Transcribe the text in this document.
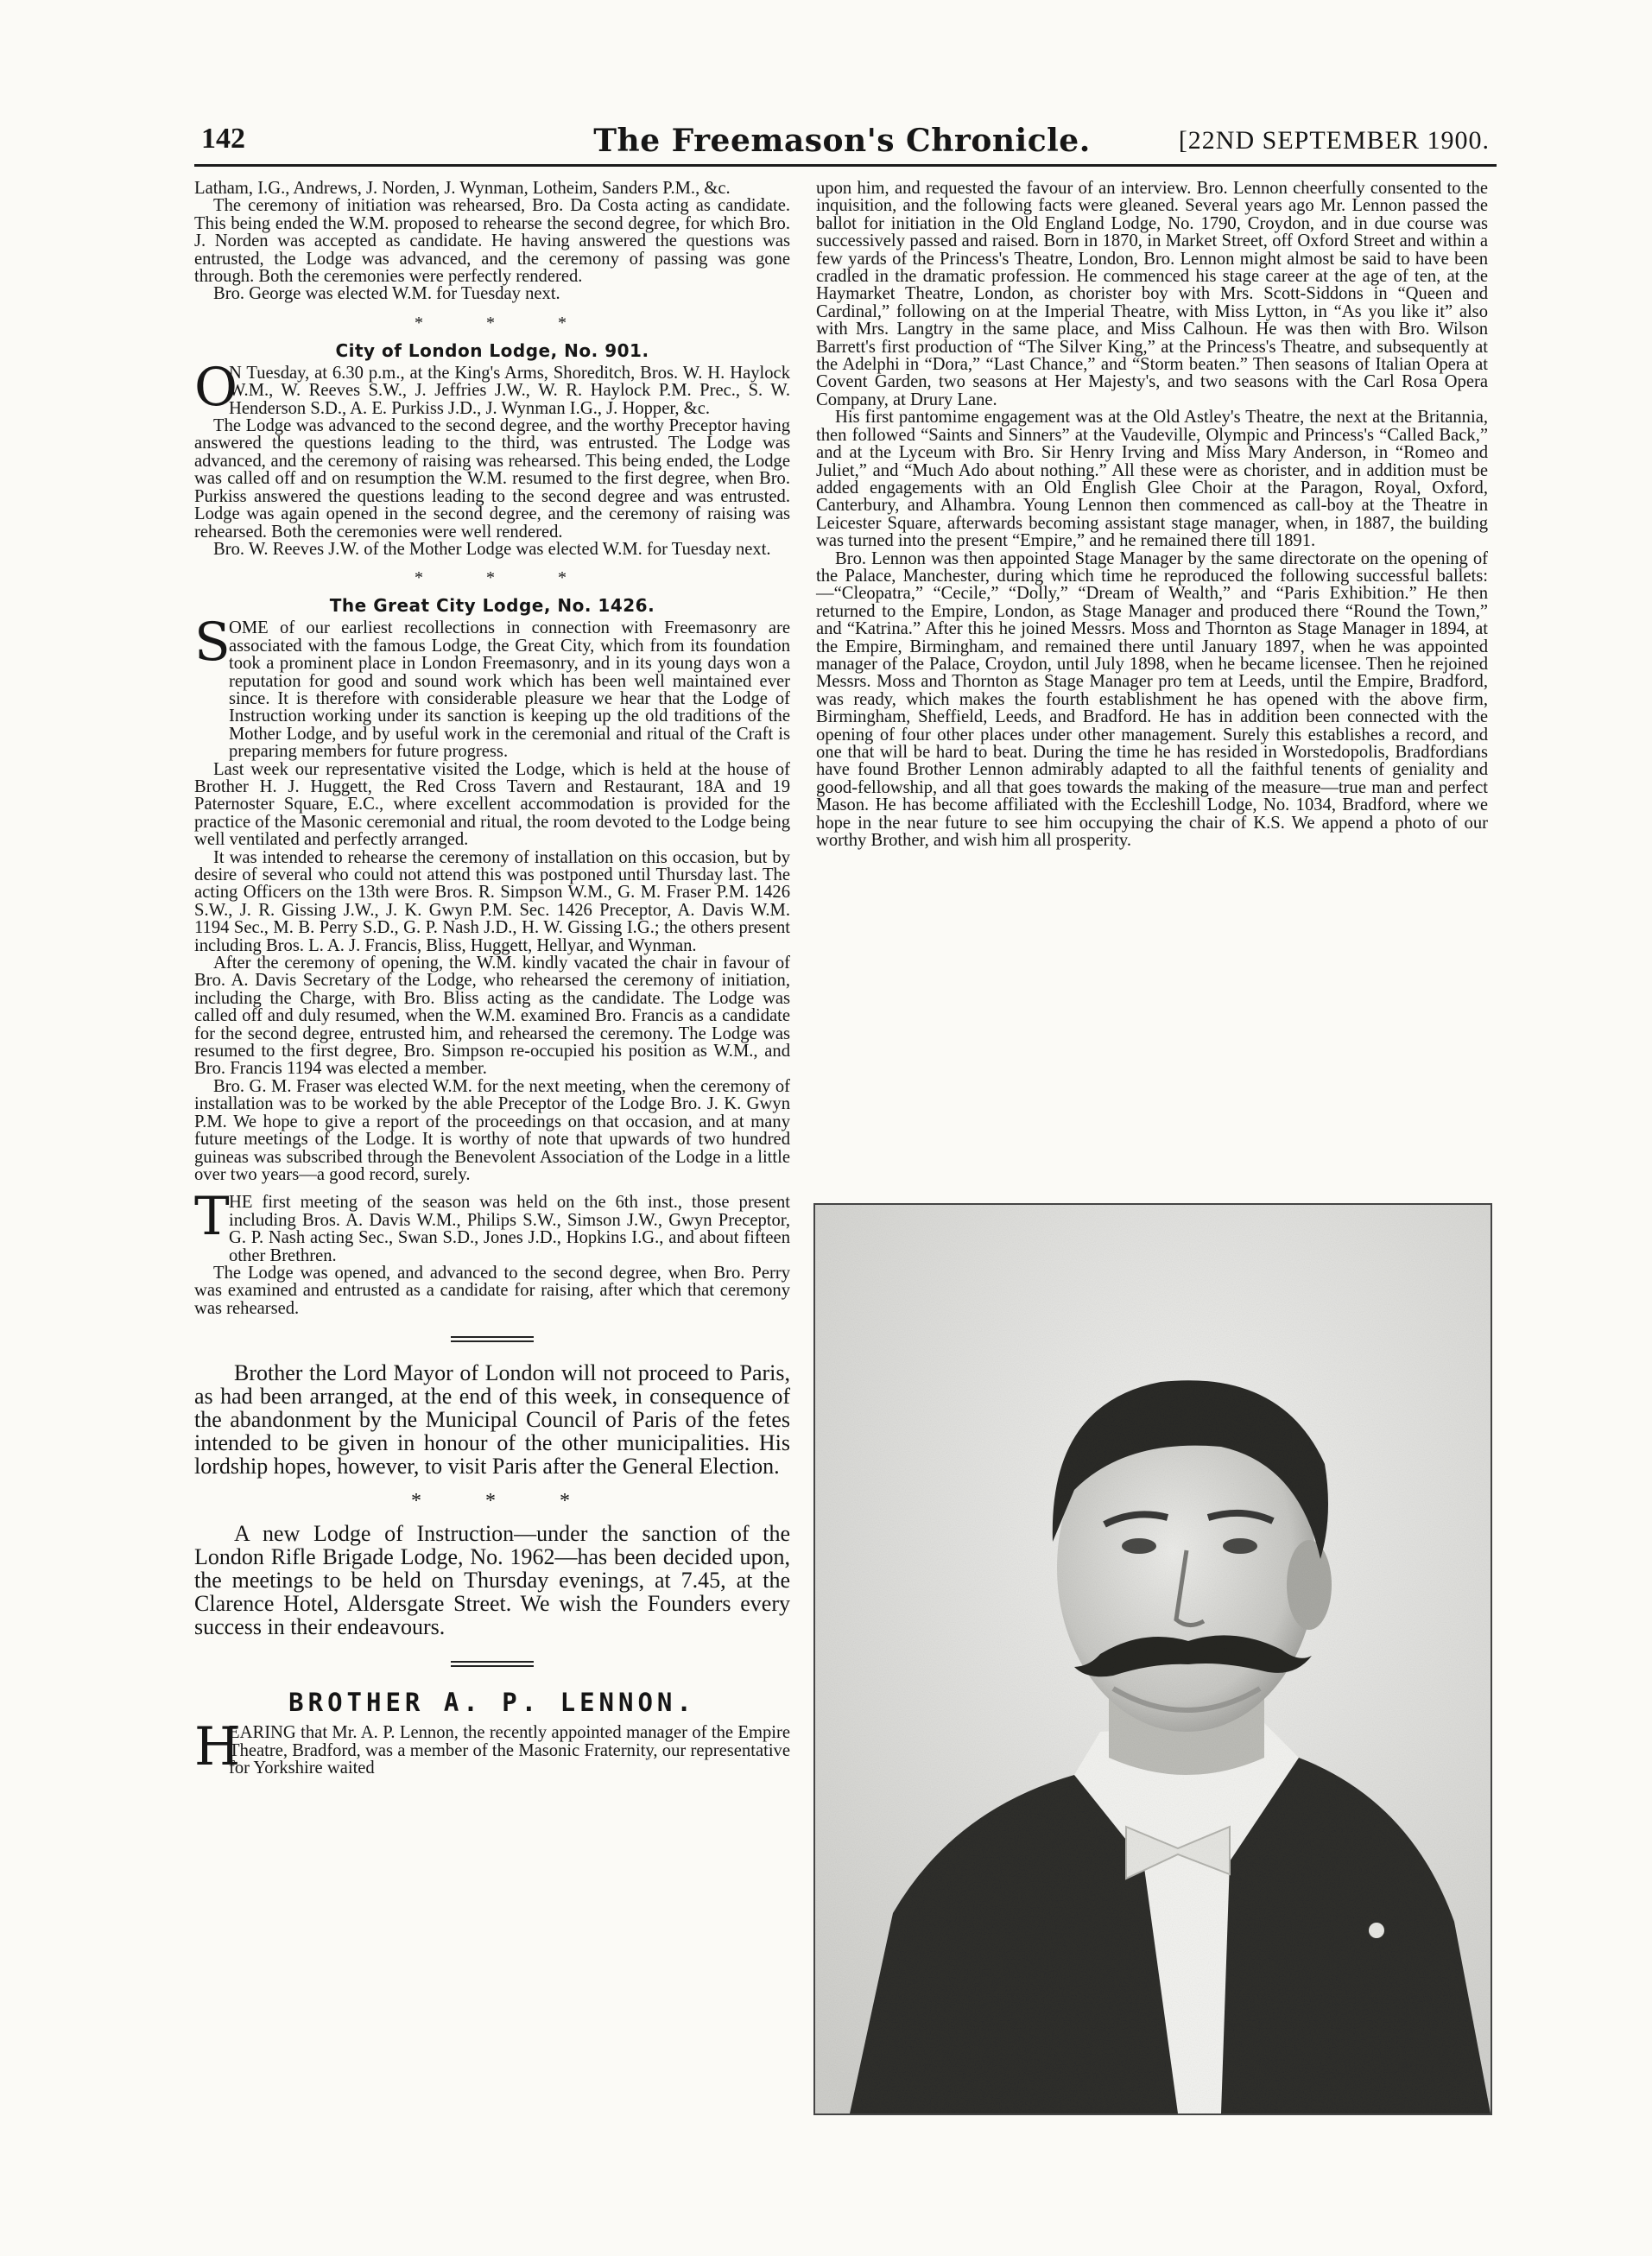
142	The Freemason's Chronicle.	[22ND SEPTEMBER 1900.

Latham, I.G., Andrews, J. Norden, J. Wynman, Lotheim, Sanders P.M., &c.

The ceremony of initiation was rehearsed, Bro. Da Costa acting as candidate. This being ended the W.M. proposed to rehearse the second degree, for which Bro. J. Norden was accepted as candidate. He having answered the questions was entrusted, the Lodge was advanced, and the ceremony of passing was gone through. Both the ceremonies were perfectly rendered.

Bro. George was elected W.M. for Tuesday next.

* * *
City of London Lodge, No. 901.
O

N Tuesday, at 6.30 p.m., at the King's Arms, Shoreditch, Bros. W. H. Haylock W.M., W. Reeves S.W., J. Jeffries J.W., W. R. Haylock P.M. Prec., S. W. Henderson S.D., A. E. Purkiss J.D., J. Wynman I.G., J. Hopper, &c.

The Lodge was advanced to the second degree, and the worthy Preceptor having answered the questions leading to the third, was entrusted. The Lodge was advanced, and the ceremony of raising was rehearsed. This being ended, the Lodge was called off and on resumption the W.M. resumed to the first degree, when Bro. Purkiss answered the questions leading to the second degree and was entrusted. Lodge was again opened in the second degree, and the ceremony of raising was rehearsed. Both the ceremonies were well rendered.

Bro. W. Reeves J.W. of the Mother Lodge was elected W.M. for Tuesday next.

* * *
The Great City Lodge, No. 1426.
S

OME of our earliest recollections in connection with Freemasonry are associated with the famous Lodge, the Great City, which from its foundation took a prominent place in London Freemasonry, and in its young days won a reputation for good and sound work which has been well maintained ever since. It is therefore with considerable pleasure we hear that the Lodge of Instruction working under its sanction is keeping up the old traditions of the Mother Lodge, and by useful work in the ceremonial and ritual of the Craft is preparing members for future progress.

Last week our representative visited the Lodge, which is held at the house of Brother H. J. Huggett, the Red Cross Tavern and Restaurant, 18A and 19 Paternoster Square, E.C., where excellent accommodation is provided for the practice of the Masonic ceremonial and ritual, the room devoted to the Lodge being well ventilated and perfectly arranged.

It was intended to rehearse the ceremony of installation on this occasion, but by desire of several who could not attend this was postponed until Thursday last. The acting Officers on the 13th were Bros. R. Simpson W.M., G. M. Fraser P.M. 1426 S.W., J. R. Gissing J.W., J. K. Gwyn P.M. Sec. 1426 Preceptor, A. Davis W.M. 1194 Sec., M. B. Perry S.D., G. P. Nash J.D., H. W. Gissing I.G.; the others present including Bros. L. A. J. Francis, Bliss, Huggett, Hellyar, and Wynman.

After the ceremony of opening, the W.M. kindly vacated the chair in favour of Bro. A. Davis Secretary of the Lodge, who rehearsed the ceremony of initiation, including the Charge, with Bro. Bliss acting as the candidate. The Lodge was called off and duly resumed, when the W.M. examined Bro. Francis as a candidate for the second degree, entrusted him, and rehearsed the ceremony. The Lodge was resumed to the first degree, Bro. Simpson re-occupied his position as W.M., and Bro. Francis 1194 was elected a member.

Bro. G. M. Fraser was elected W.M. for the next meeting, when the ceremony of installation was to be worked by the able Preceptor of the Lodge Bro. J. K. Gwyn P.M. We hope to give a report of the proceedings on that occasion, and at many future meetings of the Lodge. It is worthy of note that upwards of two hundred guineas was subscribed through the Benevolent Association of the Lodge in a little over two years—a good record, surely.

T HE first meeting of the season was held on the 6th inst., those present including Bros. A. Davis W.M., Philips S.W., Simson J.W., Gwyn Preceptor, G. P. Nash acting Sec., Swan S.D., Jones J.D., Hopkins I.G., and about fifteen other Brethren.

The Lodge was opened, and advanced to the second degree, when Bro. Perry was examined and entrusted as a candidate for raising, after which that ceremony was rehearsed.

Brother the Lord Mayor of London will not proceed to Paris, as had been arranged, at the end of this week, in consequence of the abandonment by the Municipal Council of Paris of the fetes intended to be given in honour of the other municipalities. His lordship hopes, however, to visit Paris after the General Election.

* * *

A new Lodge of Instruction—under the sanction of the London Rifle Brigade Lodge, No. 1962—has been decided upon, the meetings to be held on Thursday evenings, at 7.45, at the Clarence Hotel, Aldersgate Street. We wish the Founders every success in their endeavours.

BROTHER A. P. LENNON.
H

EARING that Mr. A. P. Lennon, the recently appointed manager of the Empire Theatre, Bradford, was a member of the Masonic Fraternity, our representative for Yorkshire waited

upon him, and requested the favour of an interview. Bro. Lennon cheerfully consented to the inquisition, and the following facts were gleaned. Several years ago Mr. Lennon passed the ballot for initiation in the Old England Lodge, No. 1790, Croydon, and in due course was successively passed and raised. Born in 1870, in Market Street, off Oxford Street and within a few yards of the Princess's Theatre, London, Bro. Lennon might almost be said to have been cradled in the dramatic profession. He commenced his stage career at the age of ten, at the Haymarket Theatre, London, as chorister boy with Mrs. Scott-Siddons in “Queen and Cardinal,” following on at the Imperial Theatre, with Miss Lytton, in “As you like it” also with Mrs. Langtry in the same place, and Miss Calhoun. He was then with Bro. Wilson Barrett's first production of “The Silver King,” at the Princess's Theatre, and subsequently at the Adelphi in “Dora,” “Last Chance,” and “Storm beaten.” Then seasons of Italian Opera at Covent Garden, two seasons at Her Majesty's, and two seasons with the Carl Rosa Opera Company, at Drury Lane.

His first pantomime engagement was at the Old Astley's Theatre, the next at the Britannia, then followed “Saints and Sinners” at the Vaudeville, Olympic and Princess's “Called Back,” and at the Lyceum with Bro. Sir Henry Irving and Miss Mary Anderson, in “Romeo and Juliet,” and “Much Ado about nothing.” All these were as chorister, and in addition must be added engagements with an Old English Glee Choir at the Paragon, Royal, Oxford, Canterbury, and Alhambra. Young Lennon then commenced as call-boy at the Theatre in Leicester Square, afterwards becoming assistant stage manager, when, in 1887, the building was turned into the present “Empire,” and he remained there till 1891.

Bro. Lennon was then appointed Stage Manager by the same directorate on the opening of the Palace, Manchester, during which time he reproduced the following successful ballets:—“Cleopatra,” “Cecile,” “Dolly,” “Dream of Wealth,” and “Paris Exhibition.” He then returned to the Empire, London, as Stage Manager and produced there “Round the Town,” and “Katrina.” After this he joined Messrs. Moss and Thornton as Stage Manager in 1894, at the Empire, Birmingham, and remained there until January 1897, when he was appointed manager of the Palace, Croydon, until July 1898, when he became licensee. Then he rejoined Messrs. Moss and Thornton as Stage Manager pro tem at Leeds, until the Empire, Bradford, was ready, which makes the fourth establishment he has opened with the above firm, Birmingham, Sheffield, Leeds, and Bradford. He has in addition been connected with the opening of four other places under other management. Surely this establishes a record, and one that will be hard to beat. During the time he has resided in Worstedopolis, Bradfordians have found Brother Lennon admirably adapted to all the faithful tenents of geniality and good-fellowship, and all that goes towards the making of the measure—true man and perfect Mason. He has become affiliated with the Eccleshill Lodge, No. 1034, Bradford, where we hope in the near future to see him occupying the chair of K.S. We append a photo of our worthy Brother, and wish him all prosperity.
